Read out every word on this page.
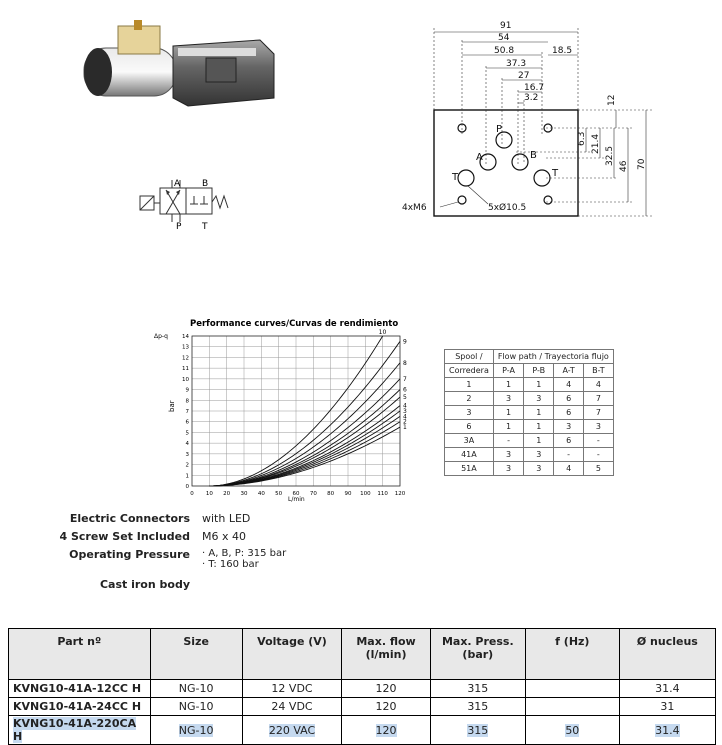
A B
P T
91
54
50.8	18.5
37.3
27
16.7
3.2	12
6.3 21.4
32.5
46 70
P
A	B
T	T
4xM6	5xØ10.5
Performance curves/Curvas de rendimiento
Δp-q
bar
L/min
0 10 20 30 40 50 60 70 80 90 100 110 120
0
1
2
3
4
5
6
7
8
9
10
11
12
13
14
10
9
8
7
6
5
4
3
4
2
1
Spool /	Flow path / Trayectoria flujo			
Corredera	P-A	P-B	A-T	B-T
1	1	1	4	4
2	3	3	6	7
3	1	1	6	7
6	1	1	3	3
3A	-	1	6	-
41A	3	3	-	-
51A	3	3	4	5
Electric Connectors with LED
4 Screw Set Included M6 x 40
Operating Pressure · A, B, P: 315 bar
· T: 160 bar
Cast iron body
Part nº	Size	Voltage (V)	Max. flow (l/min)	Max. Press. (bar)	f (Hz)	Ø nucleus
KVNG10-41A-12CC H	NG-10	12 VDC	120	315		31.4
KVNG10-41A-24CC H	NG-10	24 VDC	120	315		31
KVNG10-41A-220CA H	NG-10	220 VAC	120	315	50	31.4
